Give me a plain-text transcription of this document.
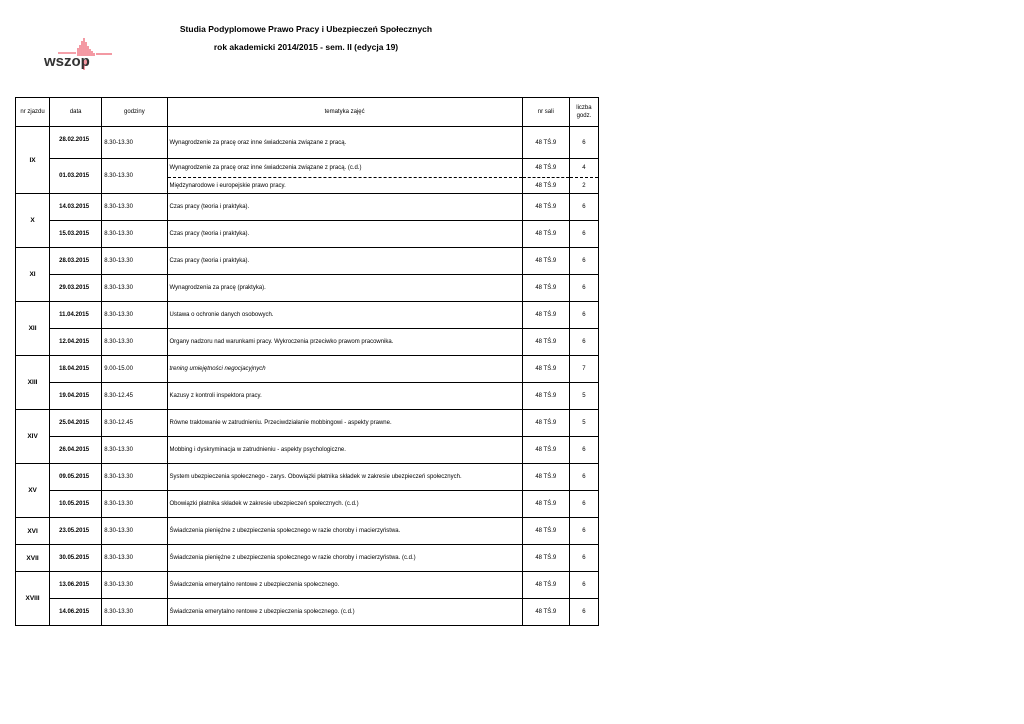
Studia Podyplomowe Prawo Pracy i Ubezpieczeń Społecznych
rok akademicki 2014/2015 - sem. II (edycja 19)
wszop
nr zjazdu	data	godziny	tematyka zajęć	nr sali	liczba
godz.

IX	28.02.2015	8.30-13.30	Wynagrodzenie za pracę oraz inne świadczenia związane z pracą.	48 TŚ.9	6

	01.03.2015	8.30-13.30	Wynagrodzenie za pracę oraz inne świadczenia związane z pracą. (c.d.)	48 TŚ.9	4
			Międzynarodowe i europejskie prawo pracy.	48 TŚ.9	2
X	14.03.2015	8.30-13.30	Czas pracy (teoria i praktyka).	48 TŚ.9	6

	15.03.2015	8.30-13.30	Czas pracy (teoria i praktyka).	48 TŚ.9	6
XI	28.03.2015	8.30-13.30	Czas pracy (teoria i praktyka).	48 TŚ.9	6

	29.03.2015	8.30-13.30	Wynagrodzenia za pracę (praktyka).	48 TŚ.9	6
XII	11.04.2015	8.30-13.30	Ustawa o ochronie danych osobowych.	48 TŚ.9	6

	12.04.2015	8.30-13.30	Organy nadzoru nad warunkami pracy. Wykroczenia przeciwko prawom pracownika.	48 TŚ.9	6
XIII	18.04.2015	9.00-15.00	trening umiejętności negocjacyjnych	48 TŚ.9	7

	19.04.2015	8.30-12.45	Kazusy z kontroli inspektora pracy.	48 TŚ.9	5
XIV	25.04.2015	8.30-12.45	Równe traktowanie w zatrudnieniu. Przeciwdziałanie mobbingowi - aspekty prawne.	48 TŚ.9	5

	26.04.2015	8.30-13.30	Mobbing i dyskryminacja w zatrudnieniu - aspekty psychologiczne.	48 TŚ.9	6
XV	09.05.2015	8.30-13.30	System ubezpieczenia społecznego - zarys. Obowiązki płatnika składek w zakresie ubezpieczeń społecznych.	48 TŚ.9	6

	10.05.2015	8.30-13.30	Obowiązki płatnika składek w zakresie ubezpieczeń społecznych. (c.d.)	48 TŚ.9	6
XVI	23.05.2015	8.30-13.30	Świadczenia pieniężne z ubezpieczenia społecznego w razie choroby i macierzyństwa.	48 TŚ.9	6
XVII	30.05.2015	8.30-13.30	Świadczenia pieniężne z ubezpieczenia społecznego w razie choroby i macierzyństwa. (c.d.)	48 TŚ.9	6
XVIII	13.06.2015	8.30-13.30	Świadczenia emerytalno rentowe z ubezpieczenia społecznego.	48 TŚ.9	6

	14.06.2015	8.30-13.30	Świadczenia emerytalno rentowe z ubezpieczenia społecznego. (c.d.)	48 TŚ.9	6
